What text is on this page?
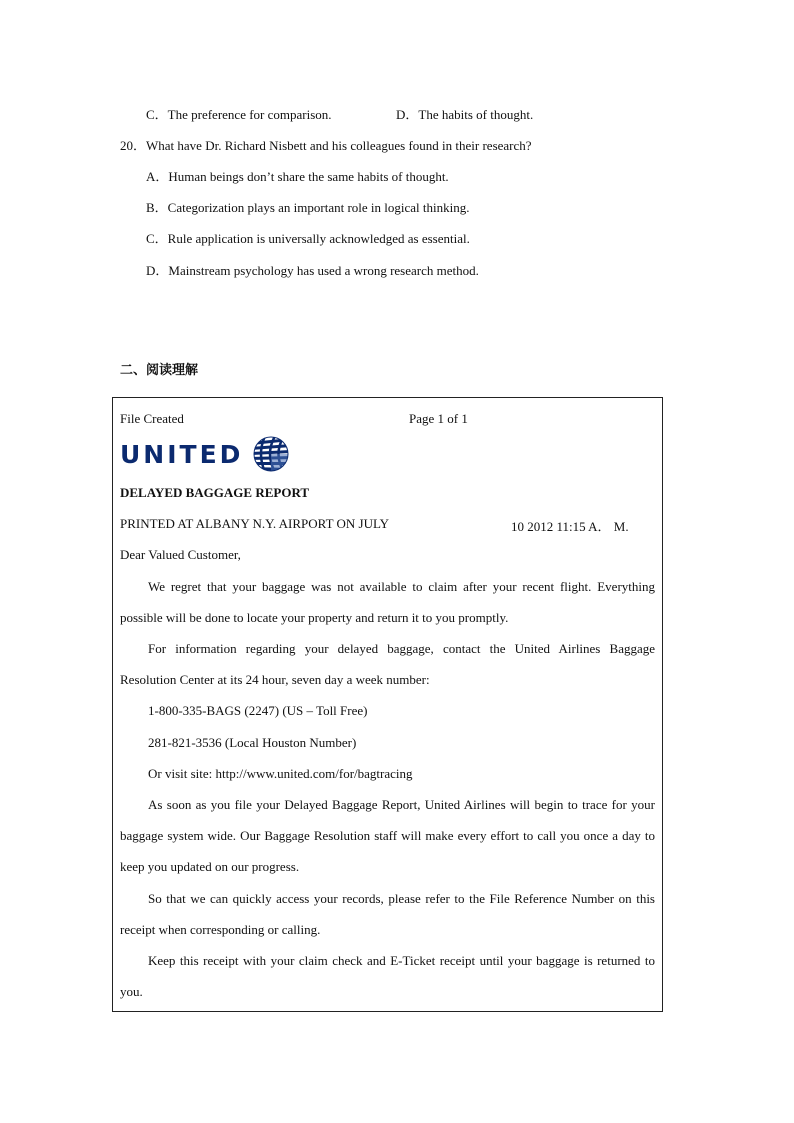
C．The preference for comparison.	D．The habits of thought.
20．What have Dr. Richard Nisbett and his colleagues found in their research?
A．Human beings don’t share the same habits of thought.
B．Categorization plays an important role in logical thinking.
C．Rule application is universally acknowledged as essential.
D．Mainstream psychology has used a wrong research method.
二、阅读理解
File Created	Page 1 of 1
UNITED
DELAYED BAGGAGE REPORT
PRINTED AT ALBANY N.Y. AIRPORT ON JULY	10 2012 11:15 A． M.
Dear Valued Customer,
We regret that your baggage was not available to claim after your recent flight. Everything possible will be done to locate your property and return it to you promptly.
For information regarding your delayed baggage, contact the United Airlines Baggage Resolution Center at its 24 hour, seven day a week number:
1-800-335-BAGS (2247) (US – Toll Free)
281-821-3536 (Local Houston Number)
Or visit site: http://www.united.com/for/bagtracing
As soon as you file your Delayed Baggage Report, United Airlines will begin to trace for your baggage system wide. Our Baggage Resolution staff will make every effort to call you once a day to keep you updated on our progress.
So that we can quickly access your records, please refer to the File Reference Number on this receipt when corresponding or calling.
Keep this receipt with your claim check and E-Ticket receipt until your baggage is returned to you.
